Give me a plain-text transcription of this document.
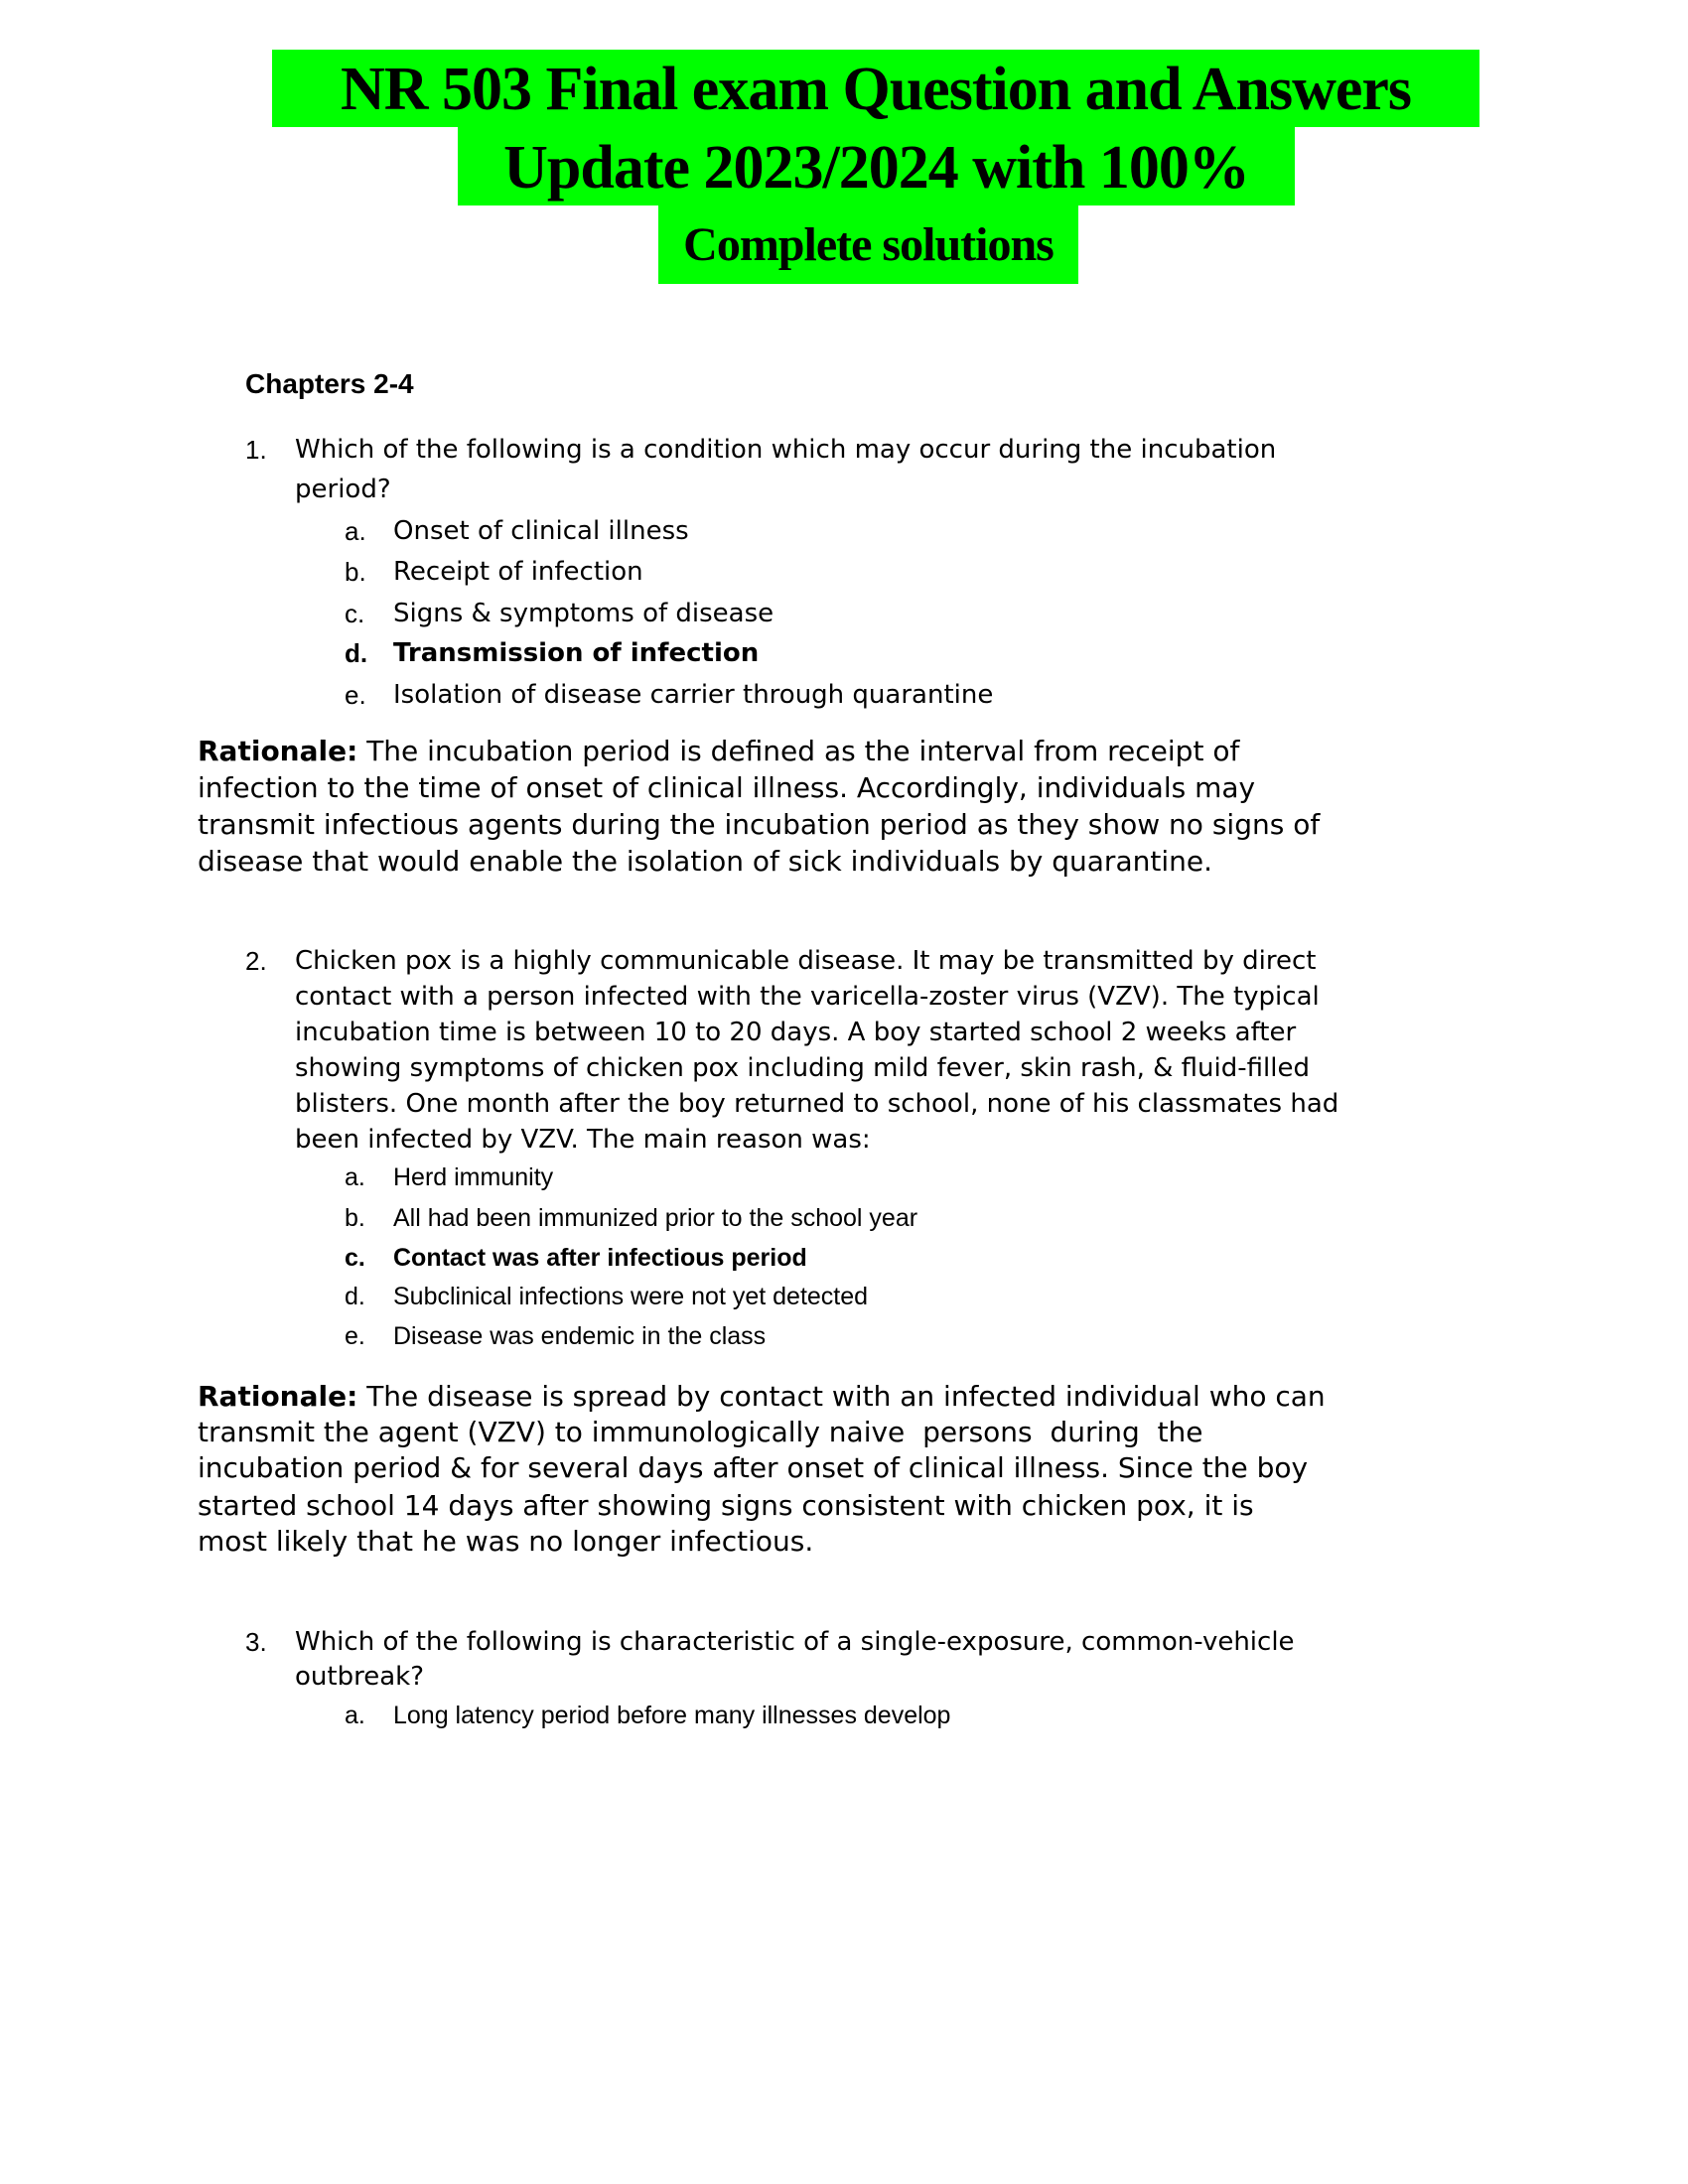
NR 503 Final exam Question and Answers
Update 2023/2024 with 100%
Complete solutions
Chapters 2-4
1. Which of the following is a condition which may occur during the incubation
period?
a. Onset of clinical illness
b. Receipt of infection
c. Signs & symptoms of disease
d. Transmission of infection
e. Isolation of disease carrier through quarantine
Rationale: The incubation period is defined as the interval from receipt of
infection to the time of onset of clinical illness. Accordingly, individuals may
transmit infectious agents during the incubation period as they show no signs of
disease that would enable the isolation of sick individuals by quarantine.
2. Chicken pox is a highly communicable disease. It may be transmitted by direct
contact with a person infected with the varicella-zoster virus (VZV). The typical
incubation time is between 10 to 20 days. A boy started school 2 weeks after
showing symptoms of chicken pox including mild fever, skin rash, & fluid-filled
blisters. One month after the boy returned to school, none of his classmates had
been infected by VZV. The main reason was:
a. Herd immunity
b. All had been immunized prior to the school year
c. Contact was after infectious period
d. Subclinical infections were not yet detected
e. Disease was endemic in the class
Rationale: The disease is spread by contact with an infected individual who can
transmit the agent (VZV) to immunologically naive  persons  during  the
incubation period & for several days after onset of clinical illness. Since the boy
started school 14 days after showing signs consistent with chicken pox, it is
most likely that he was no longer infectious.
3. Which of the following is characteristic of a single-exposure, common-vehicle
outbreak?
a. Long latency period before many illnesses develop
